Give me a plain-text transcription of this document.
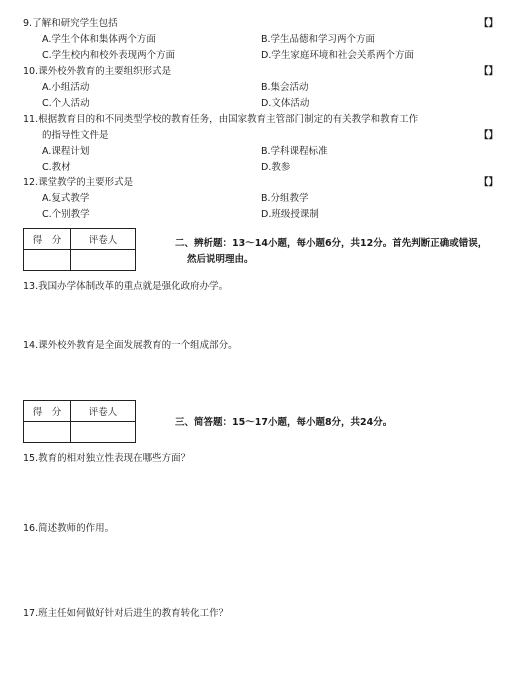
9.了解和研究学生包括	【】
A.学生个体和集体两个方面	B.学生品德和学习两个方面
C.学生校内和校外表现两个方面	D.学生家庭环境和社会关系两个方面
10.课外校外教育的主要组织形式是	【】
A.小组活动	B.集会活动
C.个人活动	D.文体活动
11.根据教育目的和不同类型学校的教育任务，由国家教育主管部门制定的有关教学和教育工作
的指导性文件是	【】
A.课程计划	B.学科课程标准
C.教材	D.教参
12.课堂教学的主要形式是	【】
A.复式教学	B.分组教学
C.个别教学	D.班级授课制
得　分	评卷人
		二、辨析题：13～14小题，每小题6分，共12分。首先判断正确或错误，
然后说明理由。
13.我国办学体制改革的重点就是强化政府办学。
14.课外校外教育是全面发展教育的一个组成部分。
得　分	评卷人

三、简答题：15～17小题，每小题8分，共24分。
15.教育的相对独立性表现在哪些方面？
16.简述教师的作用。
17.班主任如何做好针对后进生的教育转化工作？
